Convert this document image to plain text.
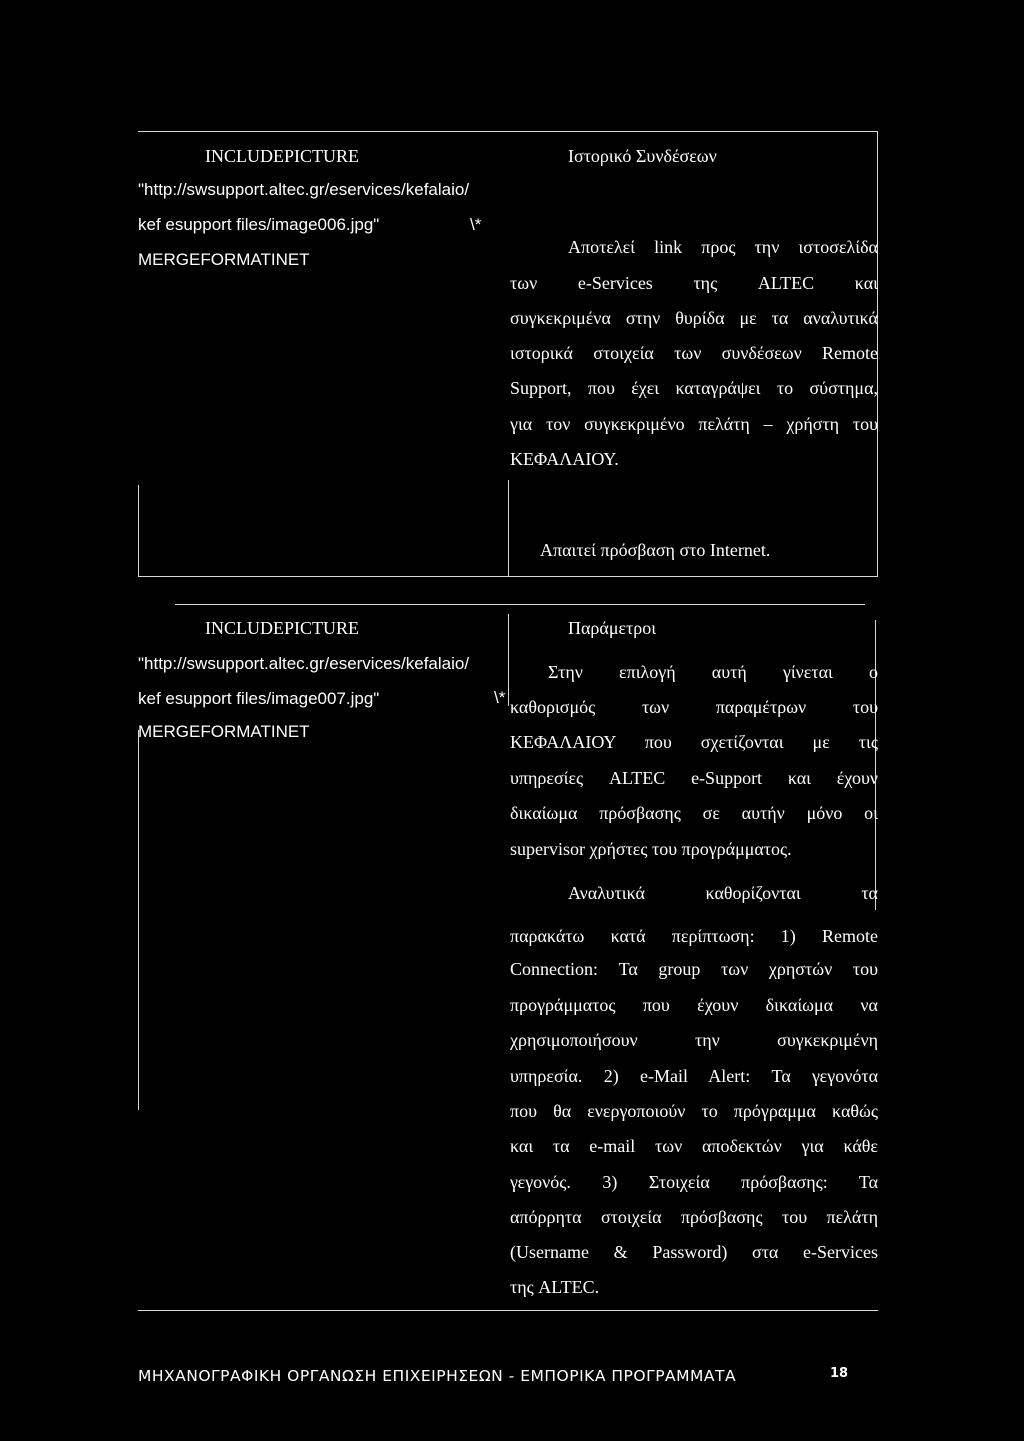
INCLUDEPICTURE
"http://swsupport.altec.gr/eservices/kefalaio/
kef esupport files/image006.jpg"	\*
MERGEFORMATINET
Ιστορικό Συνδέσεων
Αποτελεί link προς την ιστοσελίδα
των e-Services της ALTEC και
συγκεκριμένα στην θυρίδα με τα αναλυτικά
ιστορικά στοιχεία των συνδέσεων Remote
Support, που έχει καταγράψει το σύστημα,
για τον συγκεκριμένο πελάτη – χρήστη του
ΚΕΦΑΛΑΙΟΥ.
Απαιτεί πρόσβαση στο Internet.
INCLUDEPICTURE
"http://swsupport.altec.gr/eservices/kefalaio/
kef esupport files/image007.jpg"	\*
MERGEFORMATINET
Παράμετροι
Στην επιλογή αυτή γίνεται ο
καθορισμός των παραμέτρων του
ΚΕΦΑΛΑΙΟΥ που σχετίζονται με τις
υπηρεσίες ALTEC e-Support και έχουν
δικαίωμα πρόσβασης σε αυτήν μόνο οι
supervisor χρήστες του προγράμματος.
Αναλυτικά καθορίζονται τα
παρακάτω κατά περίπτωση: 1) Remote
Connection: Τα group των χρηστών του
προγράμματος που έχουν δικαίωμα να
χρησιμοποιήσουν την συγκεκριμένη
υπηρεσία. 2) e-Mail Alert: Τα γεγονότα
που θα ενεργοποιούν το πρόγραμμα καθώς
και τα e-mail των αποδεκτών για κάθε
γεγονός. 3) Στοιχεία πρόσβασης: Τα
απόρρητα στοιχεία πρόσβασης του πελάτη
(Username & Password) στα e-Services
της ALTEC.
ΜΗΧΑΝΟΓΡΑΦΙΚΗ ΟΡΓΑΝΩΣΗ ΕΠΙΧΕΙΡΗΣΕΩΝ - ΕΜΠΟΡΙΚΑ ΠΡΟΓΡΑΜΜΑΤΑ	18
